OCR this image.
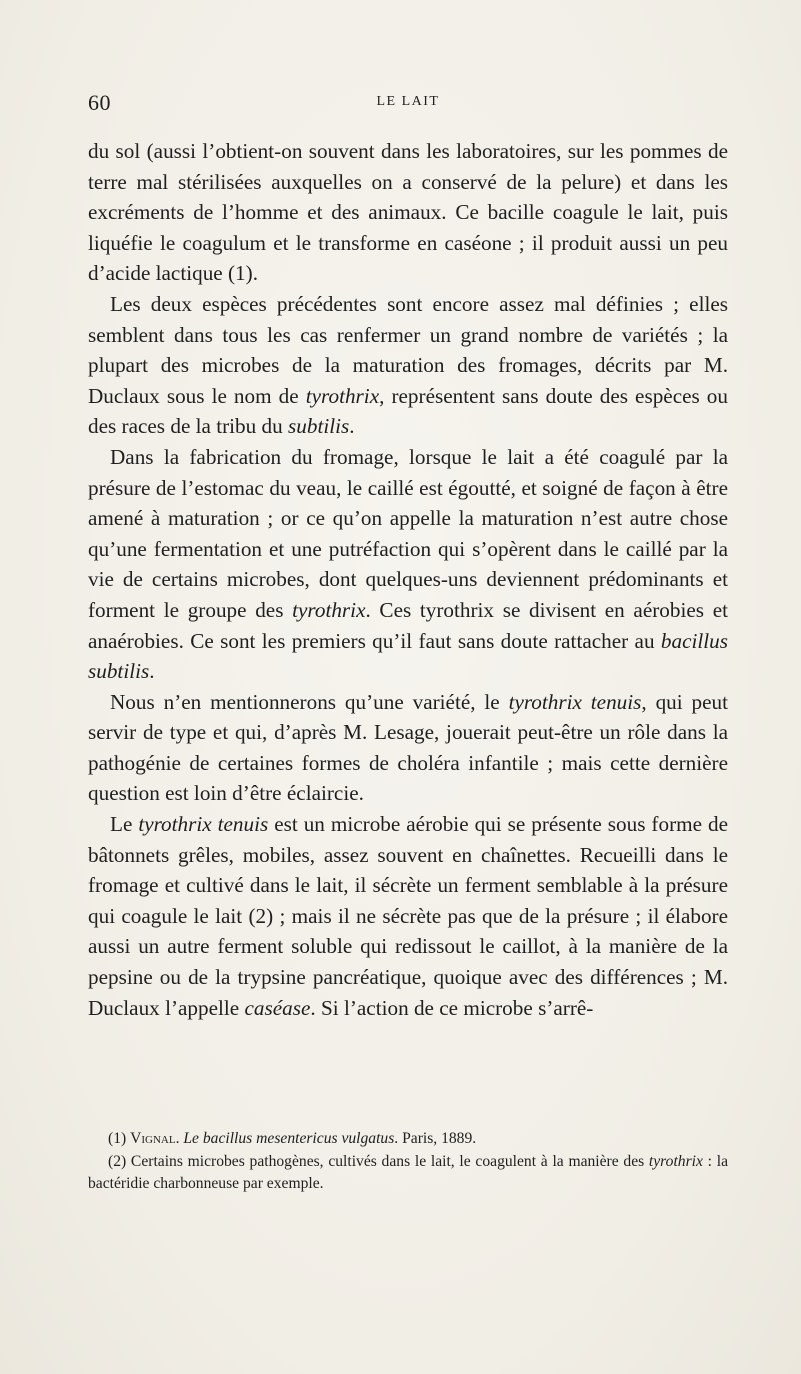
60	LE LAIT

du sol (aussi l’obtient-on souvent dans les laboratoires, sur les pommes de terre mal stérilisées auxquelles on a conservé de la pelure) et dans les excréments de l’homme et des animaux. Ce bacille coagule le lait, puis liquéfie le coagulum et le transforme en caséone ; il produit aussi un peu d’acide lactique (1).

Les deux espèces précédentes sont encore assez mal définies ; elles semblent dans tous les cas renfermer un grand nombre de variétés ; la plupart des microbes de la maturation des fromages, décrits par M. Duclaux sous le nom de tyrothrix, représentent sans doute des espèces ou des races de la tribu du subtilis.

Dans la fabrication du fromage, lorsque le lait a été coagulé par la présure de l’estomac du veau, le caillé est égoutté, et soigné de façon à être amené à maturation ; or ce qu’on appelle la maturation n’est autre chose qu’une fermentation et une putréfaction qui s’opèrent dans le caillé par la vie de certains microbes, dont quelques-uns deviennent prédominants et forment le groupe des tyrothrix. Ces tyrothrix se divisent en aérobies et anaérobies. Ce sont les premiers qu’il faut sans doute rattacher au bacillus subtilis.

Nous n’en mentionnerons qu’une variété, le tyrothrix tenuis, qui peut servir de type et qui, d’après M. Lesage, jouerait peut-être un rôle dans la pathogénie de certaines formes de choléra infantile ; mais cette dernière question est loin d’être éclaircie.

Le tyrothrix tenuis est un microbe aérobie qui se présente sous forme de bâtonnets grêles, mobiles, assez souvent en chaînettes. Recueilli dans le fromage et cultivé dans le lait, il sécrète un ferment semblable à la présure qui coagule le lait (2) ; mais il ne sécrète pas que de la présure ; il élabore aussi un autre ferment soluble qui redissout le caillot, à la manière de la pepsine ou de la trypsine pancréatique, quoique avec des différences ; M. Duclaux l’appelle caséase. Si l’action de ce microbe s’arrê-

(1) Vignal. Le bacillus mesentericus vulgatus. Paris, 1889.

(2) Certains microbes pathogènes, cultivés dans le lait, le coagulent à la manière des tyrothrix : la bactéridie charbonneuse par exemple.
